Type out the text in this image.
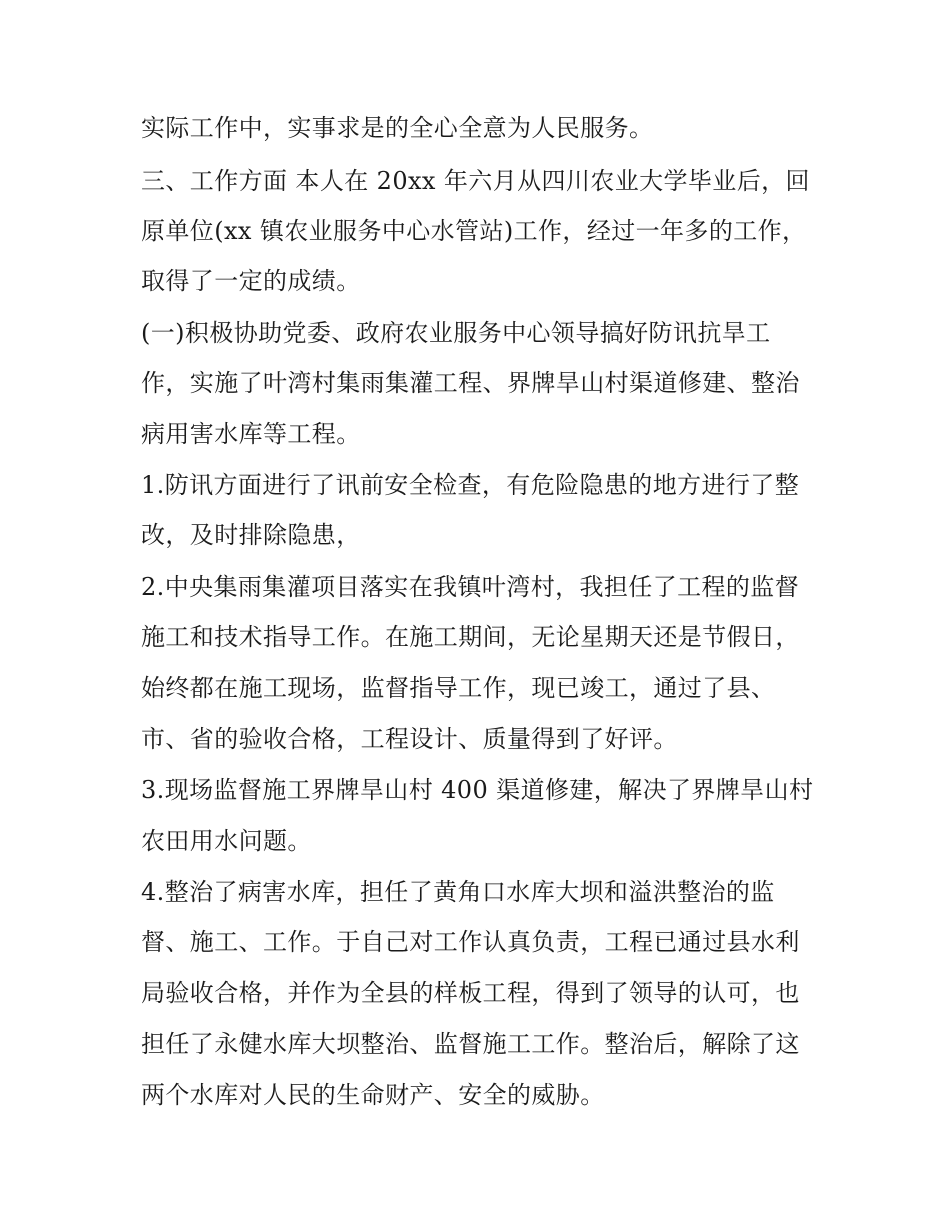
实际工作中，实事求是的全心全意为人民服务。
三、工作方面 本人在 20xx 年六月从四川农业大学毕业后，回
原单位(xx 镇农业服务中心水管站)工作，经过一年多的工作，
取得了一定的成绩。
(一)积极协助党委、政府农业服务中心领导搞好防讯抗旱工
作，实施了叶湾村集雨集灌工程、界牌旱山村渠道修建、整治
病用害水库等工程。
1.防讯方面进行了讯前安全检查，有危险隐患的地方进行了整
改，及时排除隐患，
2.中央集雨集灌项目落实在我镇叶湾村，我担任了工程的监督
施工和技术指导工作。在施工期间，无论星期天还是节假日，
始终都在施工现场，监督指导工作，现已竣工，通过了县、
市、省的验收合格，工程设计、质量得到了好评。
3.现场监督施工界牌旱山村 400 渠道修建，解决了界牌旱山村
农田用水问题。
4.整治了病害水库，担任了黄角口水库大坝和溢洪整治的监
督、施工、工作。于自己对工作认真负责，工程已通过县水利
局验收合格，并作为全县的样板工程，得到了领导的认可，也
担任了永健水库大坝整治、监督施工工作。整治后，解除了这
两个水库对人民的生命财产、安全的威胁。
